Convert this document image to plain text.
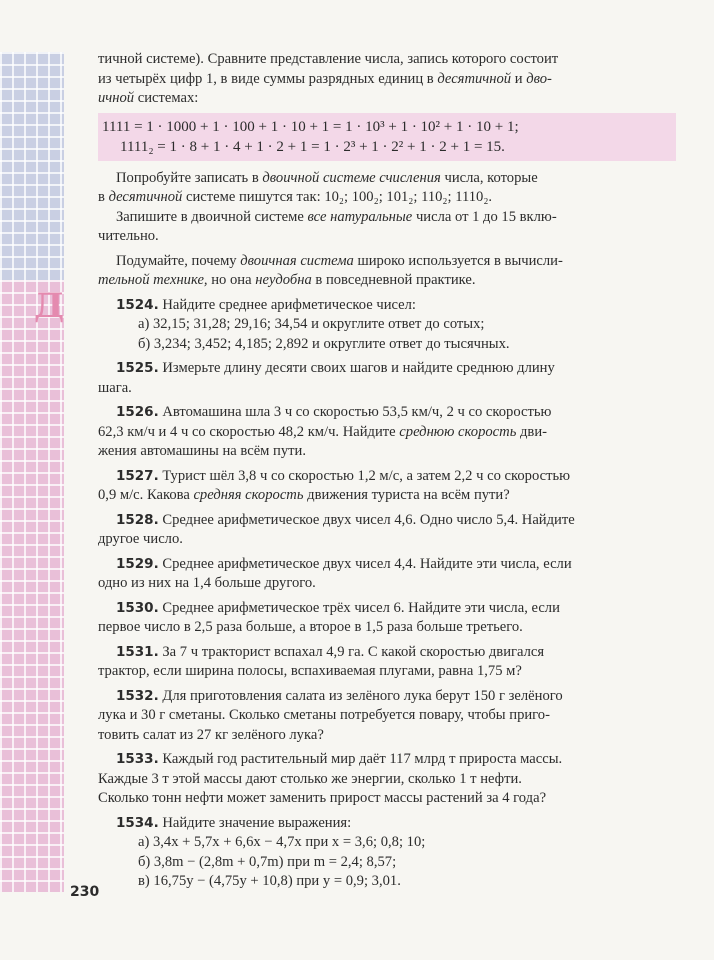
Д
тичной системе). Сравните представление числа, запись которого состоит
из четырёх цифр 1, в виде суммы разрядных единиц в десятичной и дво-
ичной системах:
1111 = 1 · 1000 + 1 · 100 + 1 · 10 + 1 = 1 · 10³ + 1 · 10² + 1 · 10 + 1;
1111₂ = 1 · 8 + 1 · 4 + 1 · 2 + 1 = 1 · 2³ + 1 · 2² + 1 · 2 + 1 = 15.
Попробуйте записать в двоичной системе счисления числа, которые
в десятичной системе пишутся так: 10₂; 100₂; 101₂; 110₂; 1110₂.
Запишите в двоичной системе все натуральные числа от 1 до 15 вклю-
чительно.
Подумайте, почему двоичная система широко используется в вычисли-
тельной технике, но она неудобна в повседневной практике.
1524. Найдите среднее арифметическое чисел:
а) 32,15; 31,28; 29,16; 34,54 и округлите ответ до сотых;
б) 3,234; 3,452; 4,185; 2,892 и округлите ответ до тысячных.
1525. Измерьте длину десяти своих шагов и найдите среднюю длину
шага.
1526. Автомашина шла 3 ч со скоростью 53,5 км/ч, 2 ч со скоростью
62,3 км/ч и 4 ч со скоростью 48,2 км/ч. Найдите среднюю скорость дви-
жения автомашины на всём пути.
1527. Турист шёл 3,8 ч со скоростью 1,2 м/с, а затем 2,2 ч со скоростью
0,9 м/с. Какова средняя скорость движения туриста на всём пути?
1528. Среднее арифметическое двух чисел 4,6. Одно число 5,4. Найдите
другое число.
1529. Среднее арифметическое двух чисел 4,4. Найдите эти числа, если
одно из них на 1,4 больше другого.
1530. Среднее арифметическое трёх чисел 6. Найдите эти числа, если
первое число в 2,5 раза больше, а второе в 1,5 раза больше третьего.
1531. За 7 ч тракторист вспахал 4,9 га. С какой скоростью двигался
трактор, если ширина полосы, вспахиваемая плугами, равна 1,75 м?
1532. Для приготовления салата из зелёного лука берут 150 г зелёного
лука и 30 г сметаны. Сколько сметаны потребуется повару, чтобы приго-
товить салат из 27 кг зелёного лука?
1533. Каждый год растительный мир даёт 117 млрд т прироста массы.
Каждые 3 т этой массы дают столько же энергии, сколько 1 т нефти.
Сколько тонн нефти может заменить прирост массы растений за 4 года?
1534. Найдите значение выражения:
а) 3,4x + 5,7x + 6,6x − 4,7x при x = 3,6; 0,8; 10;
б) 3,8m − (2,8m + 0,7m) при m = 2,4; 8,57;
в) 16,75y − (4,75y + 10,8) при y = 0,9; 3,01.
230
